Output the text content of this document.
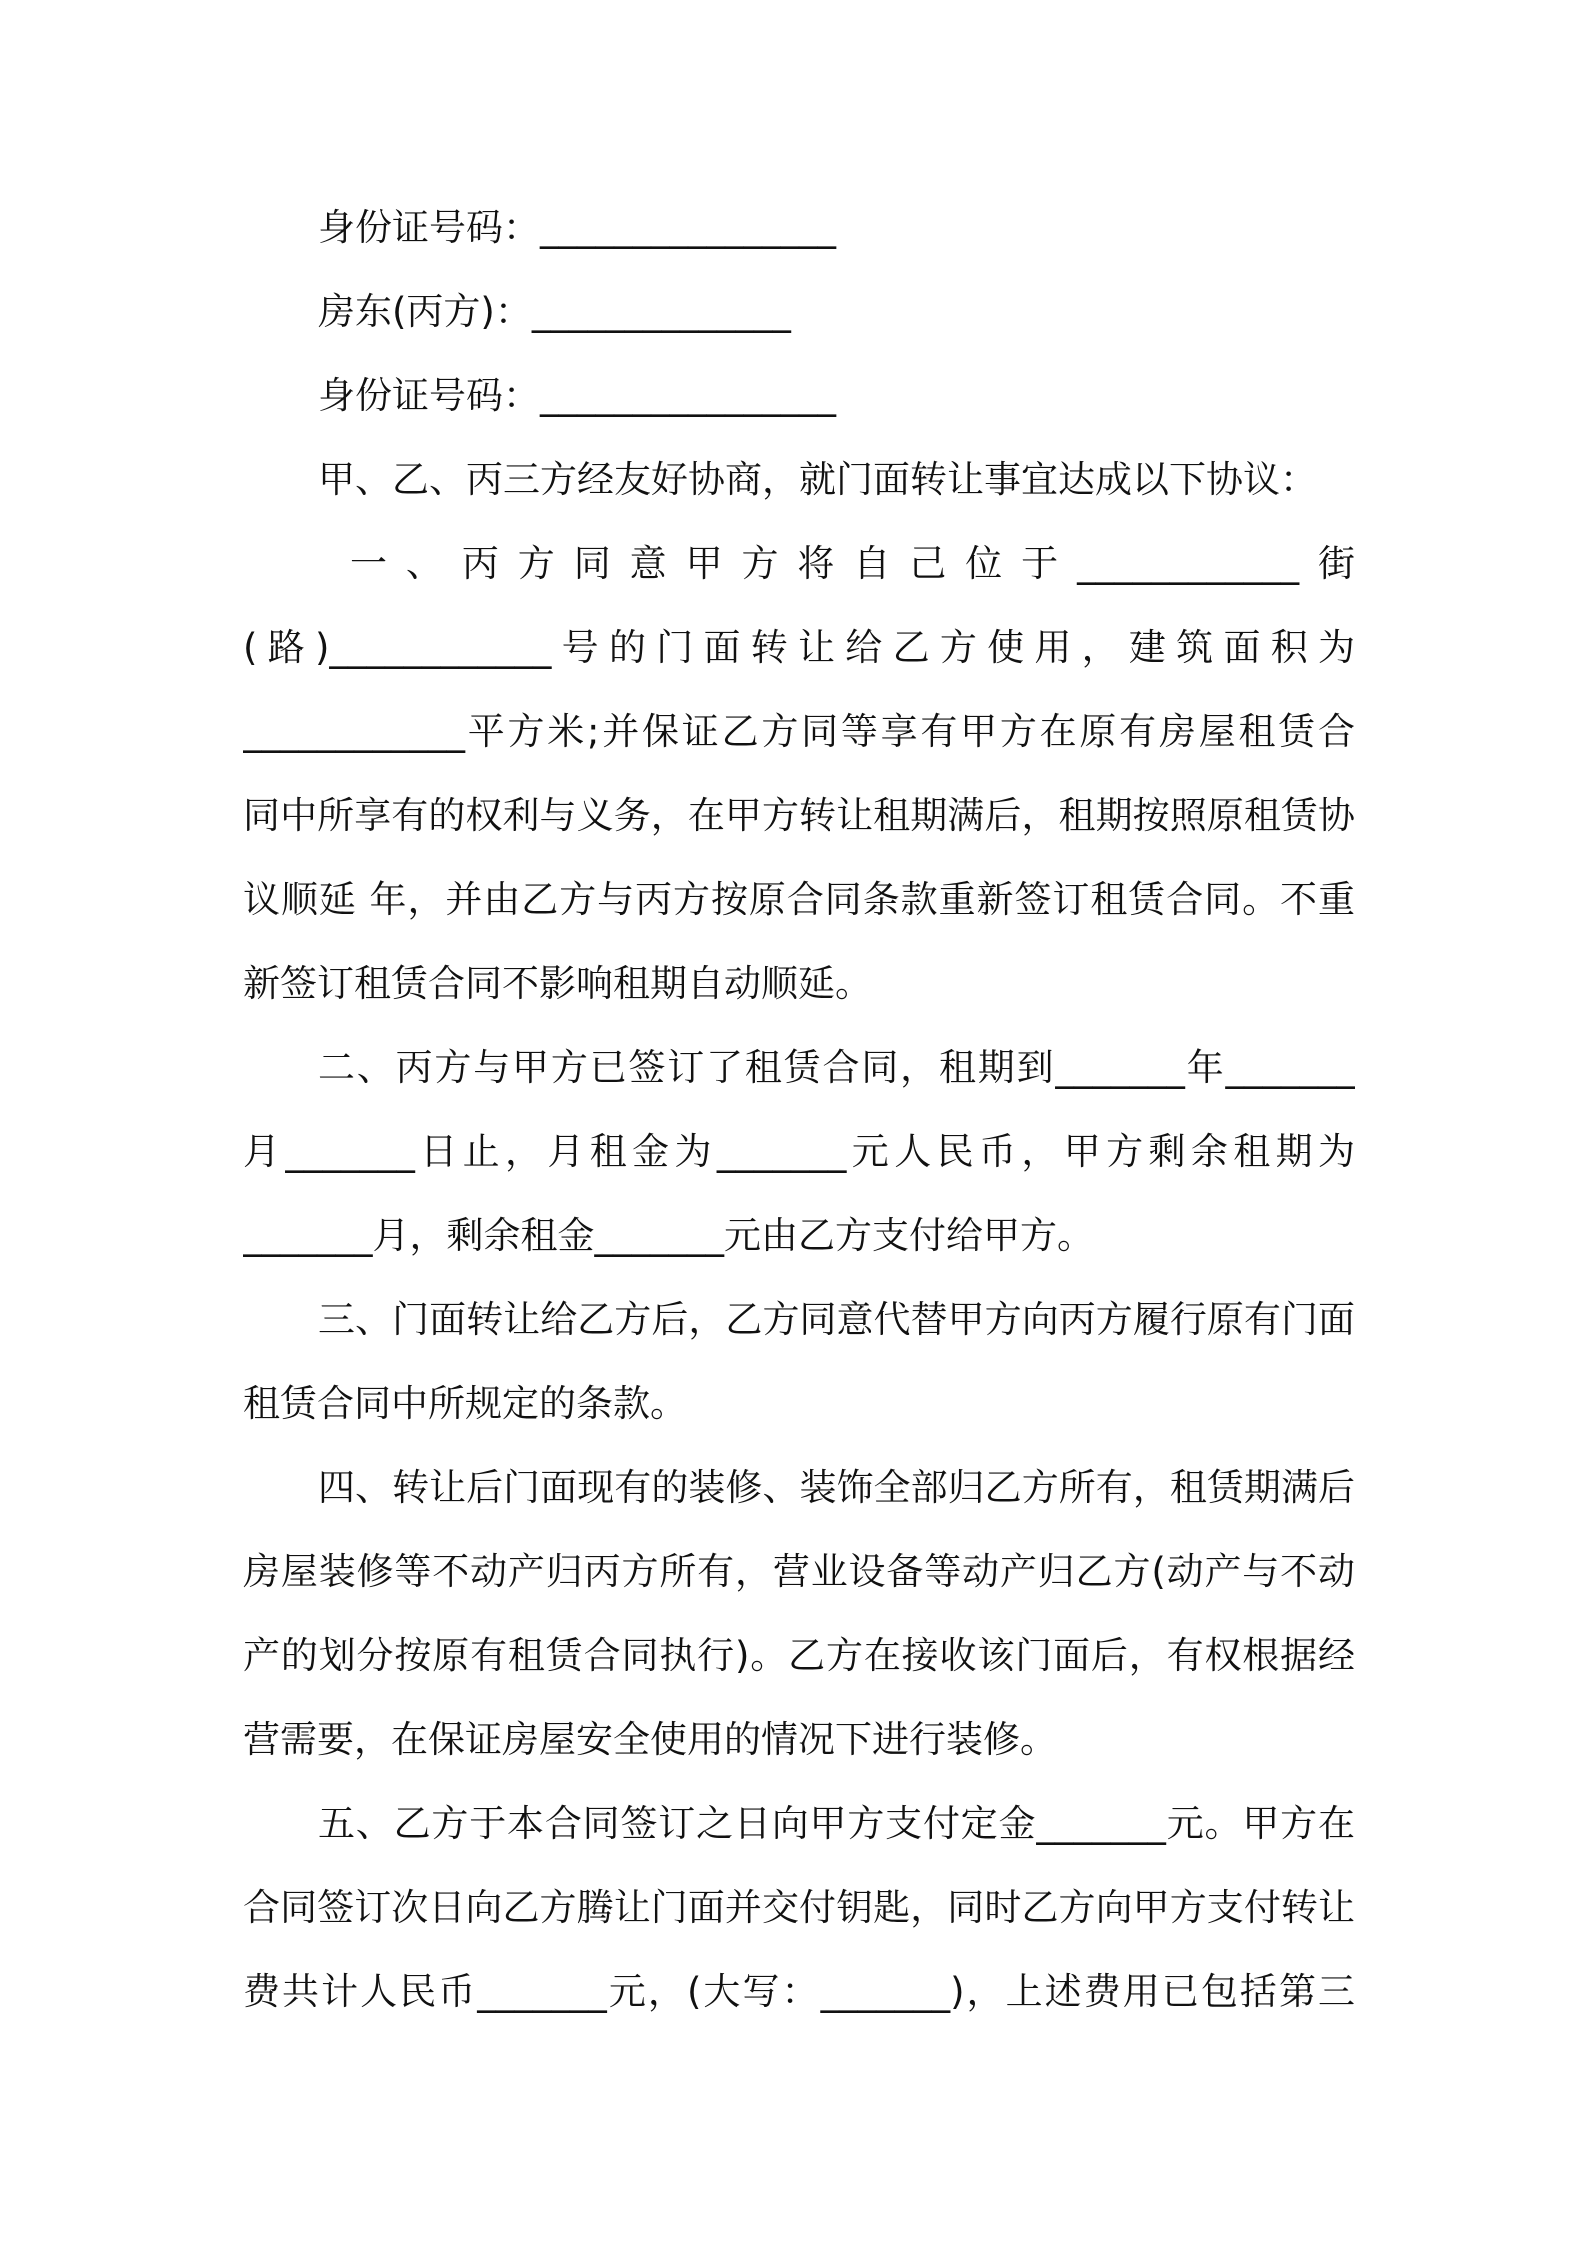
身份证号码：________________
房东(丙方)：______________
身份证号码：________________
甲、乙、丙三方经友好协商，就门面转让事宜达成以下协议：
一、丙方同意甲方将自己位于____________街
(路)____________号的门面转让给乙方使用，建筑面积为
____________平方米;并保证乙方同等享有甲方在原有房屋租赁合
同中所享有的权利与义务，在甲方转让租期满后，租期按照原租赁协
议顺延 年，并由乙方与丙方按原合同条款重新签订租赁合同。不重
新签订租赁合同不影响租期自动顺延。
二、丙方与甲方已签订了租赁合同，租期到_______年_______
月_______日止，月租金为_______元人民币，甲方剩余租期为
_______月，剩余租金_______元由乙方支付给甲方。
三、门面转让给乙方后，乙方同意代替甲方向丙方履行原有门面
租赁合同中所规定的条款。
四、转让后门面现有的装修、装饰全部归乙方所有，租赁期满后
房屋装修等不动产归丙方所有，营业设备等动产归乙方(动产与不动
产的划分按原有租赁合同执行)。乙方在接收该门面后，有权根据经
营需要，在保证房屋安全使用的情况下进行装修。
五、乙方于本合同签订之日向甲方支付定金_______元。甲方在
合同签订次日向乙方腾让门面并交付钥匙，同时乙方向甲方支付转让
费共计人民币_______元，(大写：_______)，上述费用已包括第三
